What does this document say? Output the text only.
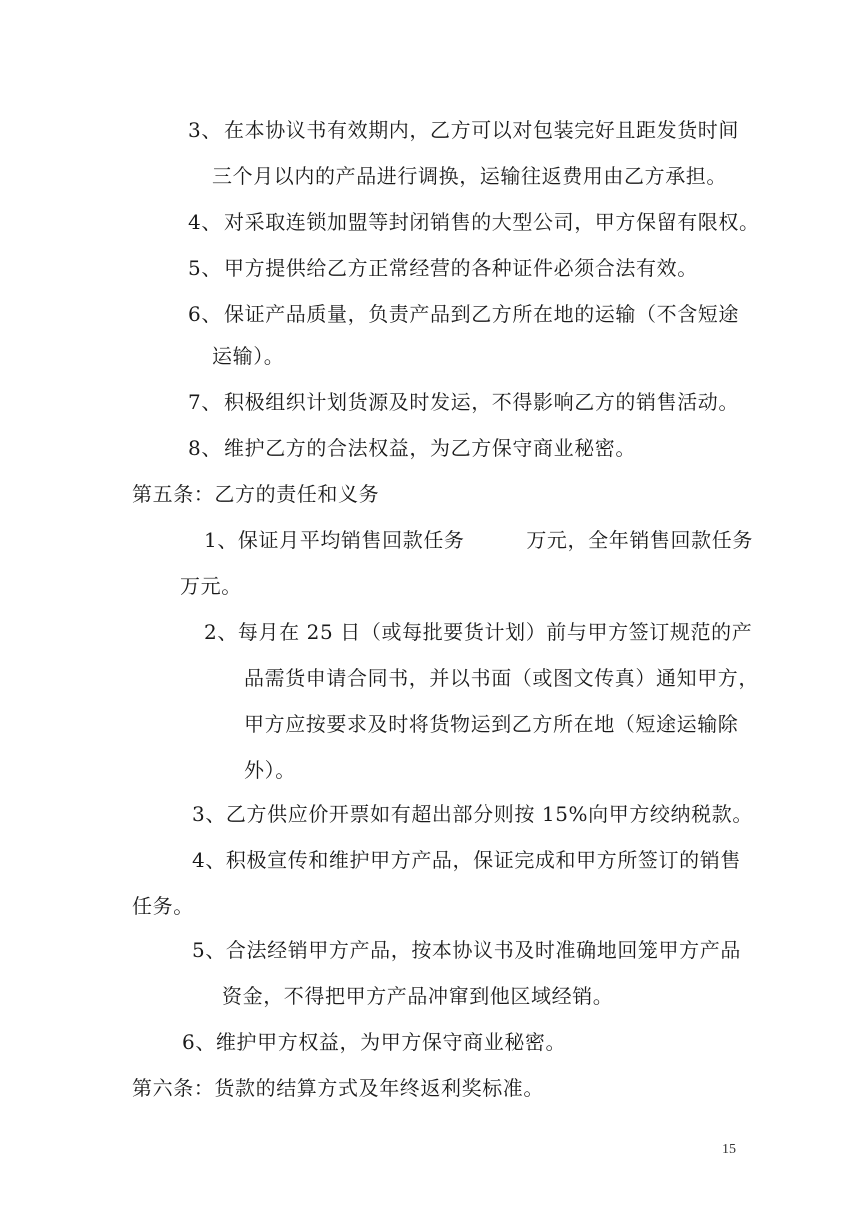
3、 在本协议书有效期内，乙方可以对包装完好且距发货时间
三个月以内的产品进行调换，运输往返费用由乙方承担。
4、 对采取连锁加盟等封闭销售的大型公司，甲方保留有限权。
5、 甲方提供给乙方正常经营的各种证件必须合法有效。
6、 保证产品质量，负责产品到乙方所在地的运输（不含短途
运输）。
7、 积极组织计划货源及时发运，不得影响乙方的销售活动。
8、 维护乙方的合法权益，为乙方保守商业秘密。
第五条：乙方的责任和义务
1、保证月平均销售回款任务　　　万元，全年销售回款任务
万元。
2、每月在 25 日（或每批要货计划）前与甲方签订规范的产
品需货申请合同书，并以书面（或图文传真）通知甲方，
甲方应按要求及时将货物运到乙方所在地（短途运输除
外）。
3、乙方供应价开票如有超出部分则按 15%向甲方绞纳税款。
4、积极宣传和维护甲方产品，保证完成和甲方所签订的销售
任务。
5、合法经销甲方产品，按本协议书及时准确地回笼甲方产品
资金，不得把甲方产品冲窜到他区域经销。
6、维护甲方权益，为甲方保守商业秘密。
第六条：货款的结算方式及年终返利奖标准。
15
